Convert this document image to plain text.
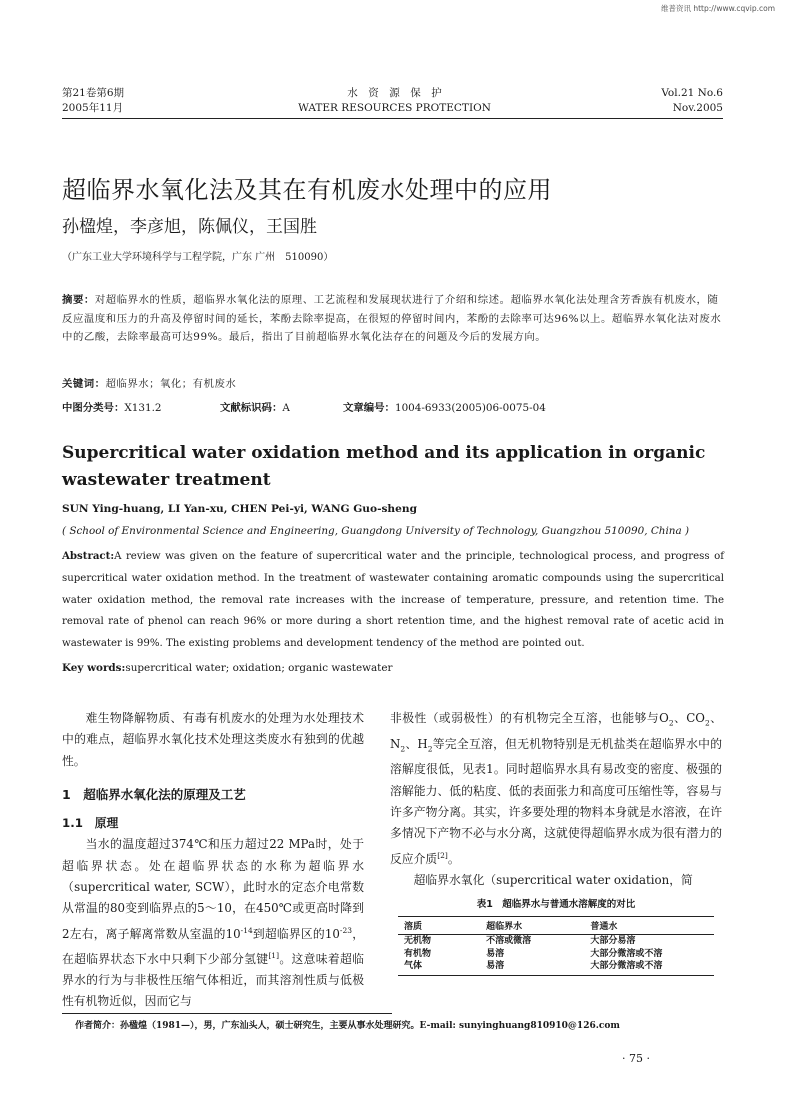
维普资讯 http://www.cqvip.com
第21卷第6期
2005年11月
水　资　源　保　护
WATER RESOURCES PROTECTION
Vol.21 No.6
Nov.2005
超临界水氧化法及其在有机废水处理中的应用
孙楹煌，李彦旭，陈佩仪，王国胜
（广东工业大学环境科学与工程学院，广东 广州　510090）
摘要：对超临界水的性质，超临界水氧化法的原理、工艺流程和发展现状进行了介绍和综述。超临界水氧化法处理含芳香族有机废水，随反应温度和压力的升高及停留时间的延长，苯酚去除率提高，在很短的停留时间内，苯酚的去除率可达96%以上。超临界水氧化法对废水中的乙酸，去除率最高可达99%。最后，指出了目前超临界水氧化法存在的问题及今后的发展方向。
关键词：超临界水；氧化；有机废水
中图分类号：X131.2	文献标识码：A	文章编号：1004-6933(2005)06-0075-04
Supercritical water oxidation method and its application in organic wastewater treatment
SUN Ying-huang, LI Yan-xu, CHEN Pei-yi, WANG Guo-sheng
( School of Environmental Science and Engineering, Guangdong University of Technology, Guangzhou 510090, China )
Abstract:A review was given on the feature of supercritical water and the principle, technological process, and progress of supercritical water oxidation method. In the treatment of wastewater containing aromatic compounds using the supercritical water oxidation method, the removal rate increases with the increase of temperature, pressure, and retention time. The removal rate of phenol can reach 96% or more during a short retention time, and the highest removal rate of acetic acid in wastewater is 99%. The existing problems and development tendency of the method are pointed out.
Key words:supercritical water; oxidation; organic wastewater

难生物降解物质、有毒有机废水的处理为水处理技术中的难点，超临界水氧化技术处理这类废水有独到的优越性。

1　超临界水氧化法的原理及工艺

1.1　原理

当水的温度超过374℃和压力超过22 MPa时，处于超临界状态。处在超临界状态的水称为超临界水（supercritical water, SCW），此时水的定态介电常数从常温的80变到临界点的5～10，在450℃或更高时降到2左右，离子解离常数从室温的$10^{-14}$到超临界区的$10^{-23}$，在超临界状态下水中只剩下少部分氢键[1]。这意味着超临界水的行为与非极性压缩气体相近，而其溶剂性质与低极性有机物近似，因而它与

非极性（或弱极性）的有机物完全互溶，也能够与$O_2$、$CO_2$、$N_2$、$H_2$等完全互溶，但无机物特别是无机盐类在超临界水中的溶解度很低，见表1。同时超临界水具有易改变的密度、极强的溶解能力、低的粘度、低的表面张力和高度可压缩性等，容易与许多产物分离。其实，许多要处理的物料本身就是水溶液，在许多情况下产物不必与水分离，这就使得超临界水成为很有潜力的反应介质[2]。

超临界水氧化（supercritical water oxidation，简

表1　超临界水与普通水溶解度的对比
溶质	超临界水	普通水
无机物	不溶或微溶	大部分易溶
有机物	易溶	大部分微溶或不溶
气体	易溶	大部分微溶或不溶
作者简介：孙楹煌（1981—），男，广东汕头人，硕士研究生，主要从事水处理研究。E-mail: sunyinghuang810910@126.com
· 75 ·
